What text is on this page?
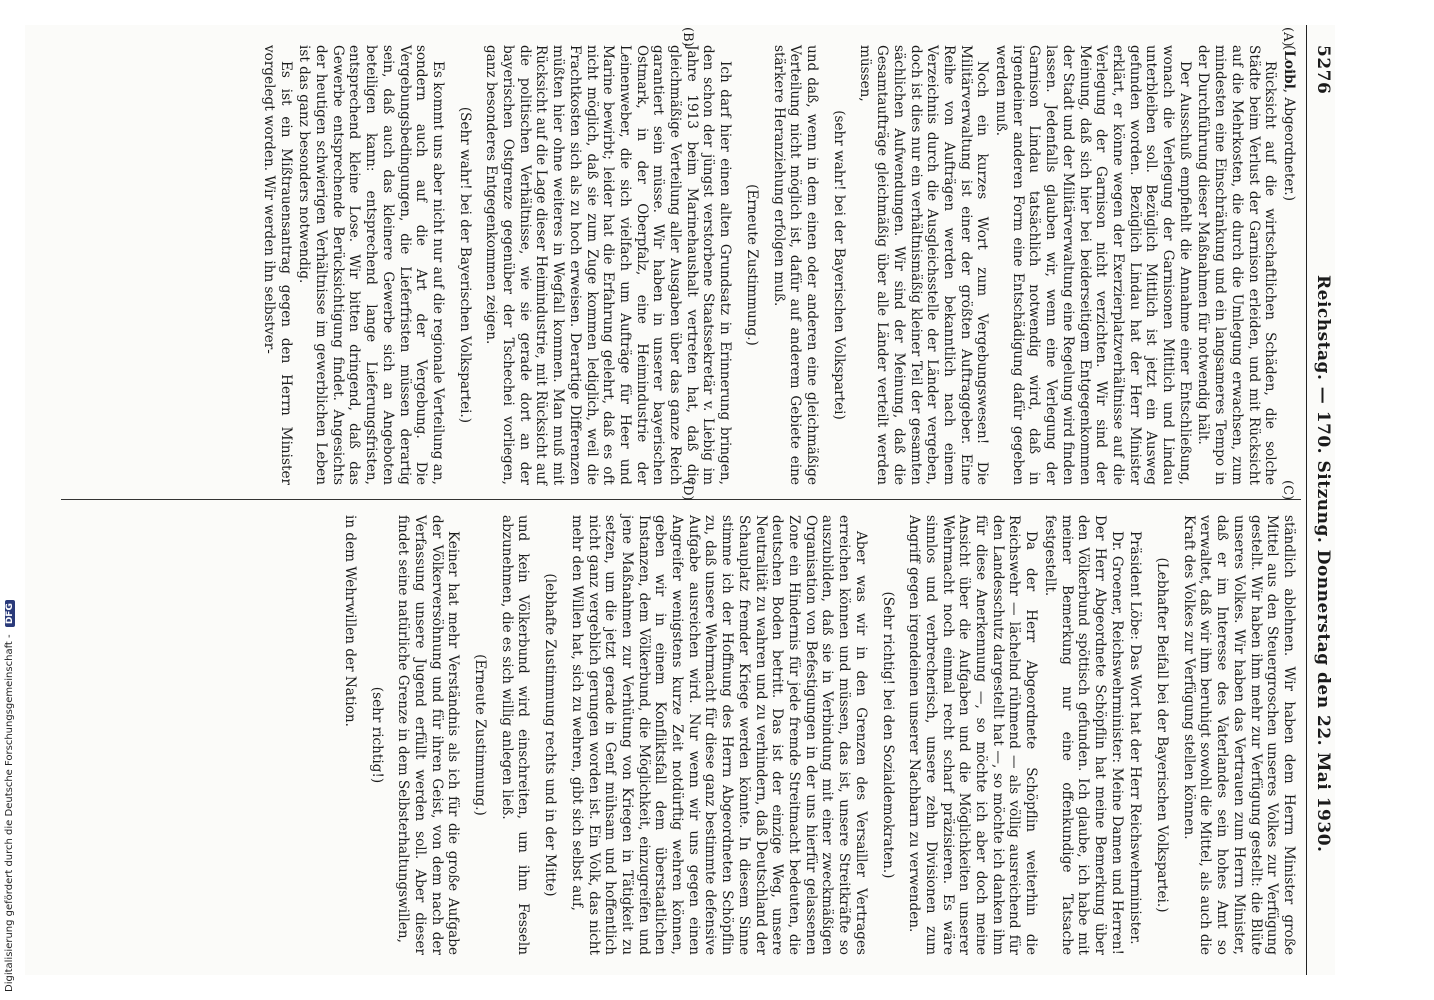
5276
Reichstag. — 170. Sitzung. Donnerstag den 22. Mai 1930.
(A)
(B)
(C)
(D)

(Loibl, Abgeordneter.)

Rücksicht auf die wirtschaftlichen Schäden, die solche Städte beim Verlust der Garnison erleiden, und mit Rücksicht auf die Mehrkosten, die durch die Umlegung erwachsen, zum mindesten eine Einschränkung und ein langsameres Tempo in der Durchführung dieser Maßnahmen für notwendig hält.

Der Ausschuß empfiehlt die Annahme einer Entschließung, wonach die Verlegung der Garnisonen Mittlich und Lindau unterbleiben soll. Bezüglich Mittlich ist jetzt ein Ausweg gefunden worden. Bezüglich Lindau hat der Herr Minister erklärt, er könne wegen der Exerzierplatzverhältnisse auf die Verlegung der Garnison nicht verzichten. Wir sind der Meinung, daß sich hier bei beiderseitigem Entgegenkommen der Stadt und der Militärverwaltung eine Regelung wird finden lassen. Jedenfalls glauben wir, wenn eine Verlegung der Garnison Lindau tatsächlich notwendig wird, daß in irgendeiner anderen Form eine Entschädigung dafür gegeben werden muß.

Noch ein kurzes Wort zum Vergebungswesen! Die Militärverwaltung ist einer der größten Auftraggeber. Eine Reihe von Aufträgen werden bekanntlich nach einem Verzeichnis durch die Ausgleichsstelle der Länder vergeben, doch ist dies nur ein verhältnismäßig kleiner Teil der gesamten sächlichen Aufwendungen. Wir sind der Meinung, daß die Gesamtaufträge gleichmäßig über alle Länder verteilt werden müssen,

(sehr wahr! bei der Bayerischen Volkspartei)

und daß, wenn in dem einen oder anderen eine gleichmäßige Verteilung nicht möglich ist, dafür auf anderem Gebiete eine stärkere Heranziehung erfolgen muß.

(Erneute Zustimmung.)

Ich darf hier einen alten Grundsatz in Erinnerung bringen, den schon der jüngst verstorbene Staatssekretär v. Liebig im Jahre 1913 beim Marinehaushalt vertreten hat, daß die gleichmäßige Verteilung aller Ausgaben über das ganze Reich garantiert sein müsse. Wir haben in unserer bayerischen Ostmark, in der Oberpfalz, eine Heimindustrie der Leinenweber, die sich vielfach um Aufträge für Heer und Marine bewirbt; leider hat die Erfahrung gelehrt, daß es oft nicht möglich, daß sie zum Zuge kommen lediglich, weil die Frachtkosten sich als zu hoch erweisen. Derartige Differenzen müßten hier ohne weiteres in Wegfall kommen. Man muß mit Rücksicht auf die Lage dieser Heimindustrie, mit Rücksicht auf die politischen Verhältnisse, wie sie gerade dort an der bayerischen Ostgrenze gegenüber der Tschechei vorliegen, ganz besonderes Entgegenkommen zeigen.

(Sehr wahr! bei der Bayerischen Volkspartei.)

Es kommt uns aber nicht nur auf die regionale Verteilung an, sondern auch auf die Art der Vergebung. Die Vergebungsbedingungen, die Lieferfristen müssen derartig sein, daß auch das kleinere Gewerbe sich an Angeboten beteiligen kann: entsprechend lange Lieferungsfristen, entsprechend kleine Lose. Wir bitten dringend, daß das Gewerbe entsprechende Berücksichtigung findet. Angesichts der heutigen schwierigen Verhältnisse im gewerblichen Leben ist das ganz besonders notwendig.

Es ist ein Mißtrauensantrag gegen den Herrn Minister vorgelegt worden. Wir werden ihn selbstver-

ständlich ablehnen. Wir haben dem Herrn Minister große Mittel aus den Steuergroschen unseres Volkes zur Verfügung gestellt. Wir haben ihm mehr zur Verfügung gestellt: die Blüte unseres Volkes. Wir haben das Vertrauen zum Herrn Minister, daß er im Interesse des Vaterlandes sein hohes Amt so verwaltet, daß wir ihm beruhigt sowohl die Mittel, als auch die Kraft des Volkes zur Verfügung stellen können.

(Lebhafter Beifall bei der Bayerischen Volkspartei.)

Präsident Löbe: Das Wort hat der Herr Reichswehrminister.

Dr. Groener, Reichswehrminister: Meine Damen und Herren! Der Herr Abgeordnete Schöpflin hat meine Bemerkung über den Völkerbund spöttisch gefunden. Ich glaube, ich habe mit meiner Bemerkung nur eine offenkundige Tatsache festgestellt.

Da der Herr Abgeordnete Schöpflin weiterhin die Reichswehr — lächelnd rühmend — als völlig ausreichend für den Landesschutz dargestellt hat —, so möchte ich danken ihm für diese Anerkennung —, so möchte ich aber doch meine Ansicht über die Aufgaben und die Möglichkeiten unserer Wehrmacht noch einmal recht scharf präzisieren. Es wäre sinnlos und verbrecherisch, unsere zehn Divisionen zum Angriff gegen irgendeinen unserer Nachbarn zu verwenden.

(Sehr richtig! bei den Sozialdemokraten.)

Aber was wir in den Grenzen des Versailler Vertrages erreichen können und müssen, das ist, unsere Streitkräfte so auszubilden, daß sie in Verbindung mit einer zweckmäßigen Organisation von Befestigungen in der uns hierfür gelassenen Zone ein Hindernis für jede fremde Streitmacht bedeuten, die deutschen Boden betritt. Das ist der einzige Weg, unsere Neutralität zu wahren und zu verhindern, daß Deutschland der Schauplatz fremder Kriege werden könnte. In diesem Sinne stimme ich der Hoffnung des Herrn Abgeordneten Schöpflin zu, daß unsere Wehrmacht für diese ganz bestimmte defensive Aufgabe ausreichen wird. Nur wenn wir uns gegen einen Angreifer wenigstens kurze Zeit notdürftig wehren können, geben wir in einem Konfliktsfall dem überstaatlichen Instanzen, dem Völkerbund, die Möglichkeit, einzugreifen und jene Maßnahmen zur Verhütung von Kriegen in Tätigkeit zu setzen, um die jetzt gerade in Genf mühsam und hoffentlich nicht ganz vergeblich gerungen worden ist. Ein Volk, das nicht mehr den Willen hat, sich zu wehren, gibt sich selbst auf,

(lebhafte Zustimmung rechts und in der Mitte)

und kein Völkerbund wird einschreiten, um ihm Fesseln abzunehmen, die es sich willig anlegen ließ.

(Erneute Zustimmung.)

Keiner hat mehr Verständnis als ich für die große Aufgabe der Völkerversöhnung und für ihren Geist, von dem nach der Verfassung unsere Jugend erfüllt werden soll. Aber dieser findet seine natürliche Grenze in dem Selbsterhaltungswillen,

(sehr richtig!)

in dem Wehrwillen der Nation.

Digitalisierung gefördert durch die Deutsche Forschungsgemeinschaft - DFG
